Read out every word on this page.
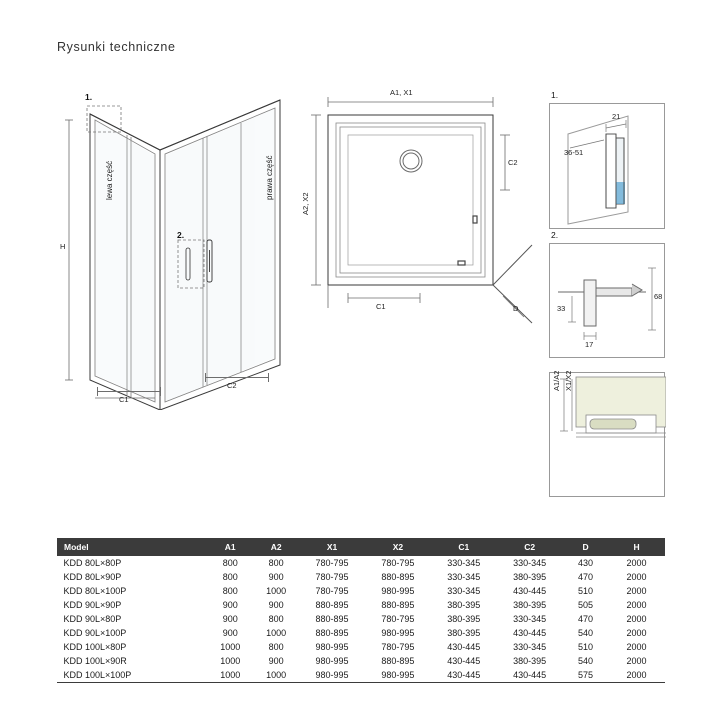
Rysunki techniczne
C1
C2
H
1.
2.
lewa część	prawa część
A1, X1
A2, X2
C1
C2
D
21
36-51
1.
68
33
17
2.
A1/A2 X1/X2
Model	A1	A2	X1	X2	C1	C2	D	H
KDD 80L×80P	800	800	780-795	780-795	330-345	330-345	430	2000
KDD 80L×90P	800	900	780-795	880-895	330-345	380-395	470	2000
KDD 80L×100P	800	1000	780-795	980-995	330-345	430-445	510	2000
KDD 90L×90P	900	900	880-895	880-895	380-395	380-395	505	2000
KDD 90L×80P	900	800	880-895	780-795	380-395	330-345	470	2000
KDD 90L×100P	900	1000	880-895	980-995	380-395	430-445	540	2000
KDD 100L×80P	1000	800	980-995	780-795	430-445	330-345	510	2000
KDD 100L×90R	1000	900	980-995	880-895	430-445	380-395	540	2000
KDD 100L×100P	1000	1000	980-995	980-995	430-445	430-445	575	2000
